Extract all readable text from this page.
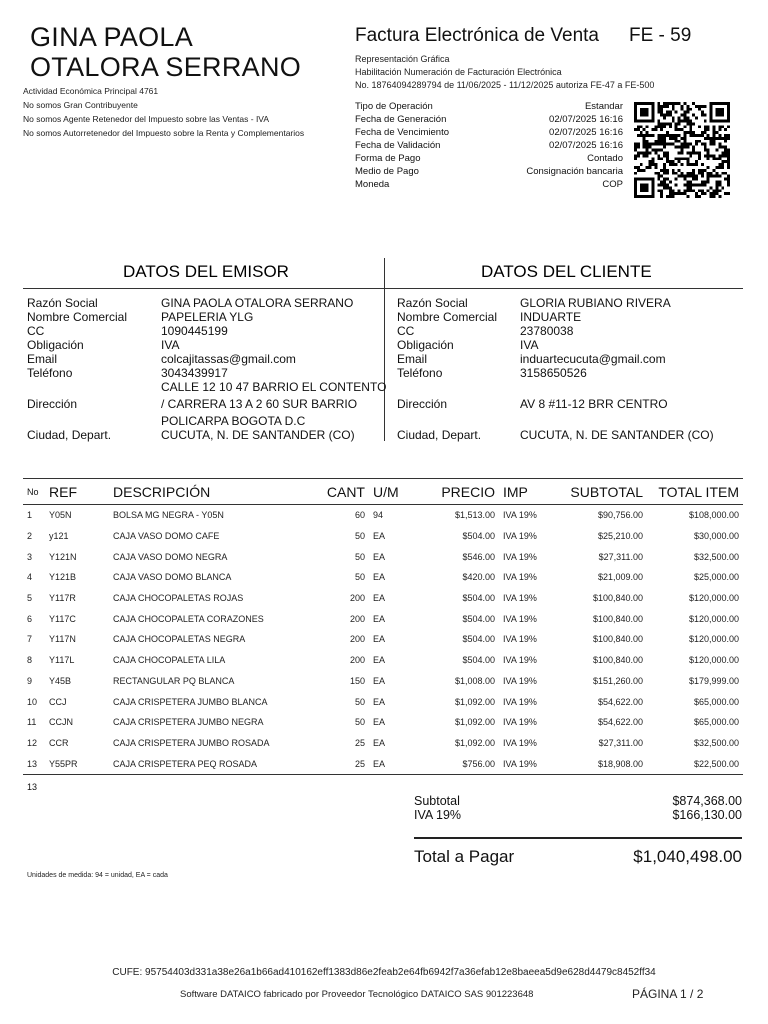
GINA PAOLA
OTALORA SERRANO
Actividad Económica Principal 4761
No somos Gran Contribuyente
No somos Agente Retenedor del Impuesto sobre las Ventas - IVA
No somos Autorretenedor del Impuesto sobre la Renta y Complementarios
Factura Electrónica de Venta FE - 59
Representación Gráfica
Habilitación Numeración de Facturación Electrónica
No. 18764094289794 de 11/06/2025 - 11/12/2025 autoriza FE-47 a FE-500
Tipo de Operación	Estandar
Fecha de Generación	02/07/2025 16:16
Fecha de Vencimiento	02/07/2025 16:16
Fecha de Validación	02/07/2025 16:16
Forma de Pago	Contado
Medio de Pago	Consignación bancaria
Moneda	COP
DATOS DEL EMISOR	DATOS DEL CLIENTE
Razón Social	GINA PAOLA OTALORA SERRANO
Nombre Comercial	PAPELERIA YLG
CC	1090445199
Obligación	IVA
Email	colcajitassas@gmail.com
Teléfono	3043439917
CALLE 12 10 47 BARRIO EL CONTENTO
Dirección	/ CARRERA 13 A 2 60 SUR BARRIO
POLICARPA BOGOTA D.C
Ciudad, Depart.	CUCUTA, N. DE SANTANDER (CO)
Razón Social	GLORIA RUBIANO RIVERA
Nombre Comercial INDUARTE
CC	23780038
Obligación	IVA
Email	induartecucuta@gmail.com
Teléfono	3158650526
Dirección	AV 8 #11-12 BRR CENTRO
Ciudad, Depart.	CUCUTA, N. DE SANTANDER (CO)
No	REF	DESCRIPCIÓN	CANT	U/M	PRECIO	IMP	SUBTOTAL	TOTAL ITEM
1	Y05N	BOLSA MG NEGRA - Y05N	60	94	$1,513.00	IVA 19%	$90,756.00	$108,000.00
2	y121	CAJA VASO DOMO CAFE	50	EA	$504.00	IVA 19%	$25,210.00	$30,000.00
3	Y121N	CAJA VASO DOMO NEGRA	50	EA	$546.00	IVA 19%	$27,311.00	$32,500.00
4	Y121B	CAJA VASO DOMO BLANCA	50	EA	$420.00	IVA 19%	$21,009.00	$25,000.00
5	Y117R	CAJA CHOCOPALETAS ROJAS	200	EA	$504.00	IVA 19%	$100,840.00	$120,000.00
6	Y117C	CAJA CHOCOPALETA CORAZONES	200	EA	$504.00	IVA 19%	$100,840.00	$120,000.00
7	Y117N	CAJA CHOCOPALETAS NEGRA	200	EA	$504.00	IVA 19%	$100,840.00	$120,000.00
8	Y117L	CAJA CHOCOPALETA LILA	200	EA	$504.00	IVA 19%	$100,840.00	$120,000.00
9	Y45B	RECTANGULAR PQ BLANCA	150	EA	$1,008.00	IVA 19%	$151,260.00	$179,999.00
10	CCJ	CAJA CRISPETERA JUMBO BLANCA	50	EA	$1,092.00	IVA 19%	$54,622.00	$65,000.00
11	CCJN	CAJA CRISPETERA JUMBO NEGRA	50	EA	$1,092.00	IVA 19%	$54,622.00	$65,000.00
12	CCR	CAJA CRISPETERA JUMBO ROSADA	25	EA	$1,092.00	IVA 19%	$27,311.00	$32,500.00
13	Y55PR	CAJA CRISPETERA PEQ ROSADA	25	EA	$756.00	IVA 19%	$18,908.00	$22,500.00
13
Subtotal	$874,368.00
IVA 19%	$166,130.00
Total a Pagar	$1,040,498.00
Unidades de medida: 94 = unidad, EA = cada
CUFE: 95754403d331a38e26a1b66ad410162eff1383d86e2feab2e64fb6942f7a36efab12e8baeea5d9e628d4479c8452ff34
Software DATAICO fabricado por Proveedor Tecnológico DATAICO SAS 901223648	PÁGINA 1 / 2
